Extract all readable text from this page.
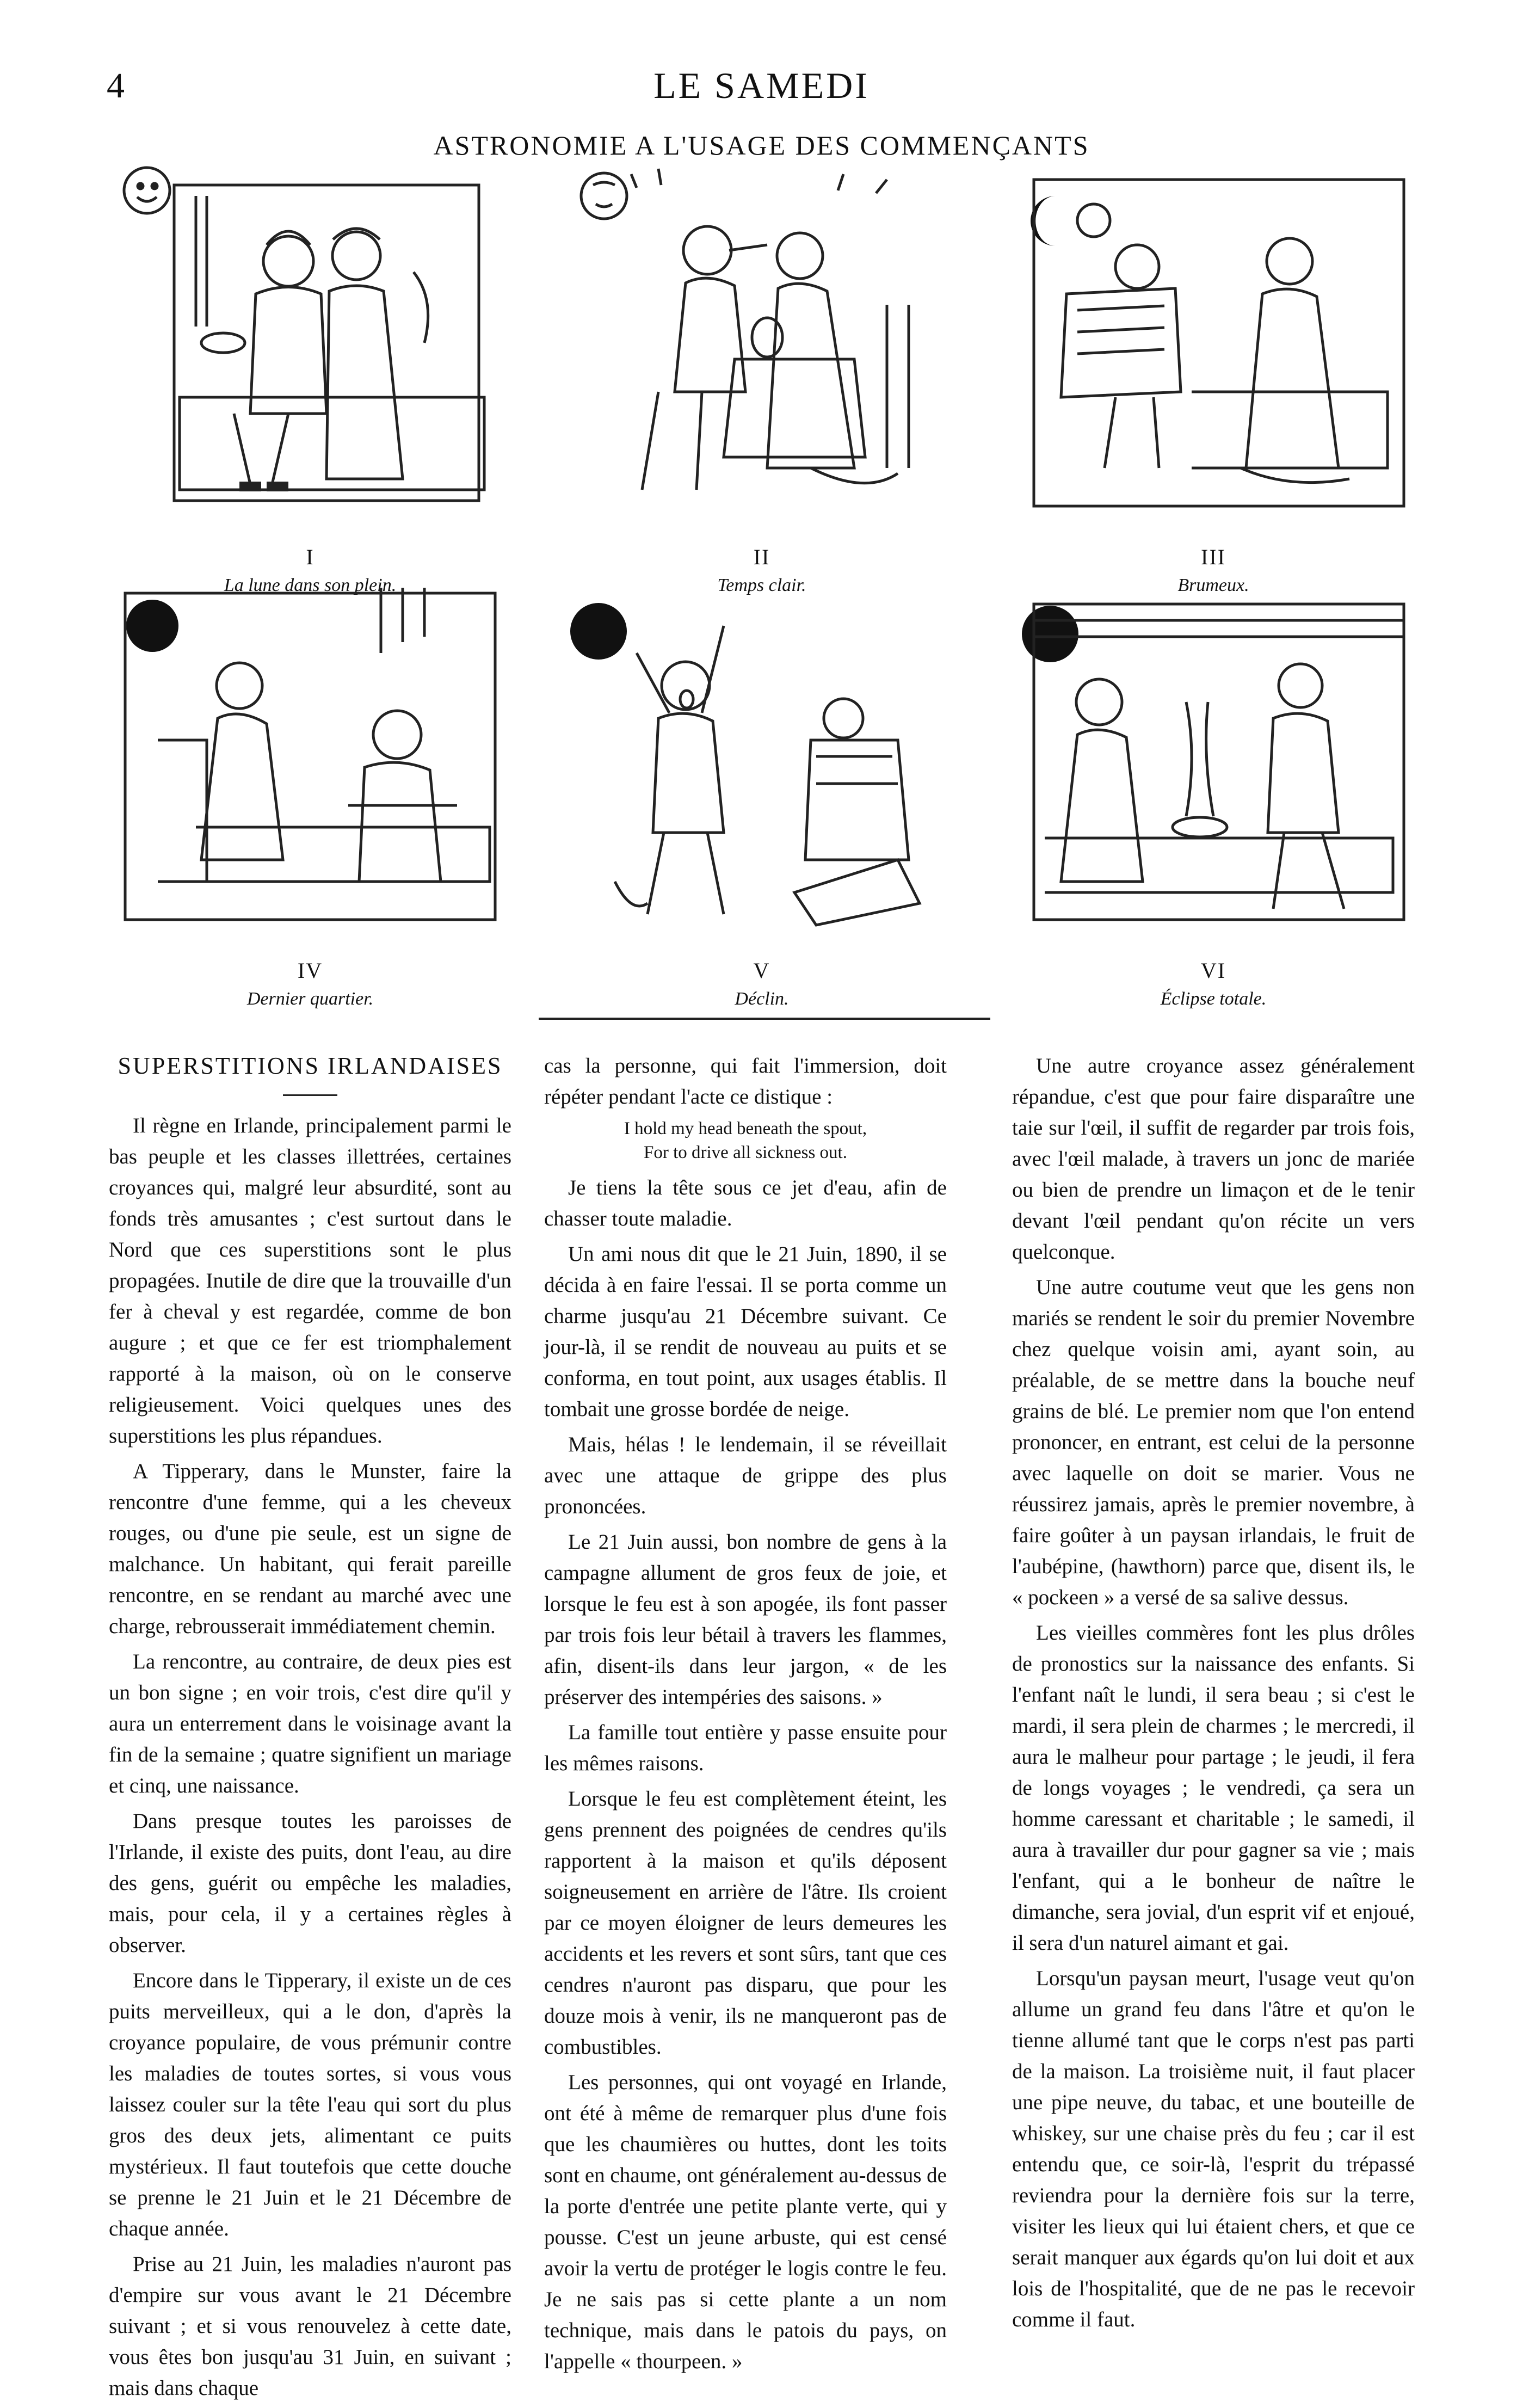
4	LE SAMEDI
ASTRONOMIE A L'USAGE DES COMMENÇANTS
I
La lune dans son plein.
II
Temps clair.
III
Brumeux.
IV
Dernier quartier.
V
Déclin.
VI
Éclipse totale.
SUPERSTITIONS IRLANDAISES

Il règne en Irlande, principalement parmi le bas peuple et les classes illettrées, certaines croyances qui, malgré leur absurdité, sont au fonds très amusantes ; c'est surtout dans le Nord que ces superstitions sont le plus propagées. Inutile de dire que la trouvaille d'un fer à cheval y est regardée, comme de bon augure ; et que ce fer est triomphalement rapporté à la maison, où on le conserve religieusement. Voici quelques unes des superstitions les plus répandues.

A Tipperary, dans le Munster, faire la rencontre d'une femme, qui a les cheveux rouges, ou d'une pie seule, est un signe de malchance. Un habitant, qui ferait pareille rencontre, en se rendant au marché avec une charge, rebrousserait immédiatement chemin.

La rencontre, au contraire, de deux pies est un bon signe ; en voir trois, c'est dire qu'il y aura un enterrement dans le voisinage avant la fin de la semaine ; quatre signifient un mariage et cinq, une naissance.

Dans presque toutes les paroisses de l'Irlande, il existe des puits, dont l'eau, au dire des gens, guérit ou empêche les maladies, mais, pour cela, il y a certaines règles à observer.

Encore dans le Tipperary, il existe un de ces puits merveilleux, qui a le don, d'après la croyance populaire, de vous prémunir contre les maladies de toutes sortes, si vous vous laissez couler sur la tête l'eau qui sort du plus gros des deux jets, alimentant ce puits mystérieux. Il faut toutefois que cette douche se prenne le 21 Juin et le 21 Décembre de chaque année.

Prise au 21 Juin, les maladies n'auront pas d'empire sur vous avant le 21 Décembre suivant ; et si vous renouvelez à cette date, vous êtes bon jusqu'au 31 Juin, en suivant ; mais dans chaque

cas la personne, qui fait l'immersion, doit répéter pendant l'acte ce distique :

I hold my head beneath the spout,
For to drive all sickness out.

Je tiens la tête sous ce jet d'eau, afin de chasser toute maladie.

Un ami nous dit que le 21 Juin, 1890, il se décida à en faire l'essai. Il se porta comme un charme jusqu'au 21 Décembre suivant. Ce jour-là, il se rendit de nouveau au puits et se conforma, en tout point, aux usages établis. Il tombait une grosse bordée de neige.

Mais, hélas ! le lendemain, il se réveillait avec une attaque de grippe des plus prononcées.

Le 21 Juin aussi, bon nombre de gens à la campagne allument de gros feux de joie, et lorsque le feu est à son apogée, ils font passer par trois fois leur bétail à travers les flammes, afin, disent-ils dans leur jargon, « de les préserver des intempéries des saisons. »

La famille tout entière y passe ensuite pour les mêmes raisons.

Lorsque le feu est complètement éteint, les gens prennent des poignées de cendres qu'ils rapportent à la maison et qu'ils déposent soigneusement en arrière de l'âtre. Ils croient par ce moyen éloigner de leurs demeures les accidents et les revers et sont sûrs, tant que ces cendres n'auront pas disparu, que pour les douze mois à venir, ils ne manqueront pas de combustibles.

Les personnes, qui ont voyagé en Irlande, ont été à même de remarquer plus d'une fois que les chaumières ou huttes, dont les toits sont en chaume, ont généralement au-dessus de la porte d'entrée une petite plante verte, qui y pousse. C'est un jeune arbuste, qui est censé avoir la vertu de protéger le logis contre le feu. Je ne sais pas si cette plante a un nom technique, mais dans le patois du pays, on l'appelle « thourpeen. »

Une autre croyance assez généralement répandue, c'est que pour faire disparaître une taie sur l'œil, il suffit de regarder par trois fois, avec l'œil malade, à travers un jonc de mariée ou bien de prendre un limaçon et de le tenir devant l'œil pendant qu'on récite un vers quelconque.

Une autre coutume veut que les gens non mariés se rendent le soir du premier Novembre chez quelque voisin ami, ayant soin, au préalable, de se mettre dans la bouche neuf grains de blé. Le premier nom que l'on entend prononcer, en entrant, est celui de la personne avec laquelle on doit se marier. Vous ne réussirez jamais, après le premier novembre, à faire goûter à un paysan irlandais, le fruit de l'aubépine, (hawthorn) parce que, disent ils, le « pockeen » a versé de sa salive dessus.

Les vieilles commères font les plus drôles de pronostics sur la naissance des enfants. Si l'enfant naît le lundi, il sera beau ; si c'est le mardi, il sera plein de charmes ; le mercredi, il aura le malheur pour partage ; le jeudi, il fera de longs voyages ; le vendredi, ça sera un homme caressant et charitable ; le samedi, il aura à travailler dur pour gagner sa vie ; mais l'enfant, qui a le bonheur de naître le dimanche, sera jovial, d'un esprit vif et enjoué, il sera d'un naturel aimant et gai.

Lorsqu'un paysan meurt, l'usage veut qu'on allume un grand feu dans l'âtre et qu'on le tienne allumé tant que le corps n'est pas parti de la maison. La troisième nuit, il faut placer une pipe neuve, du tabac, et une bouteille de whiskey, sur une chaise près du feu ; car il est entendu que, ce soir-là, l'esprit du trépassé reviendra pour la dernière fois sur la terre, visiter les lieux qui lui étaient chers, et que ce serait manquer aux égards qu'on lui doit et aux lois de l'hospitalité, que de ne pas le recevoir comme il faut.
